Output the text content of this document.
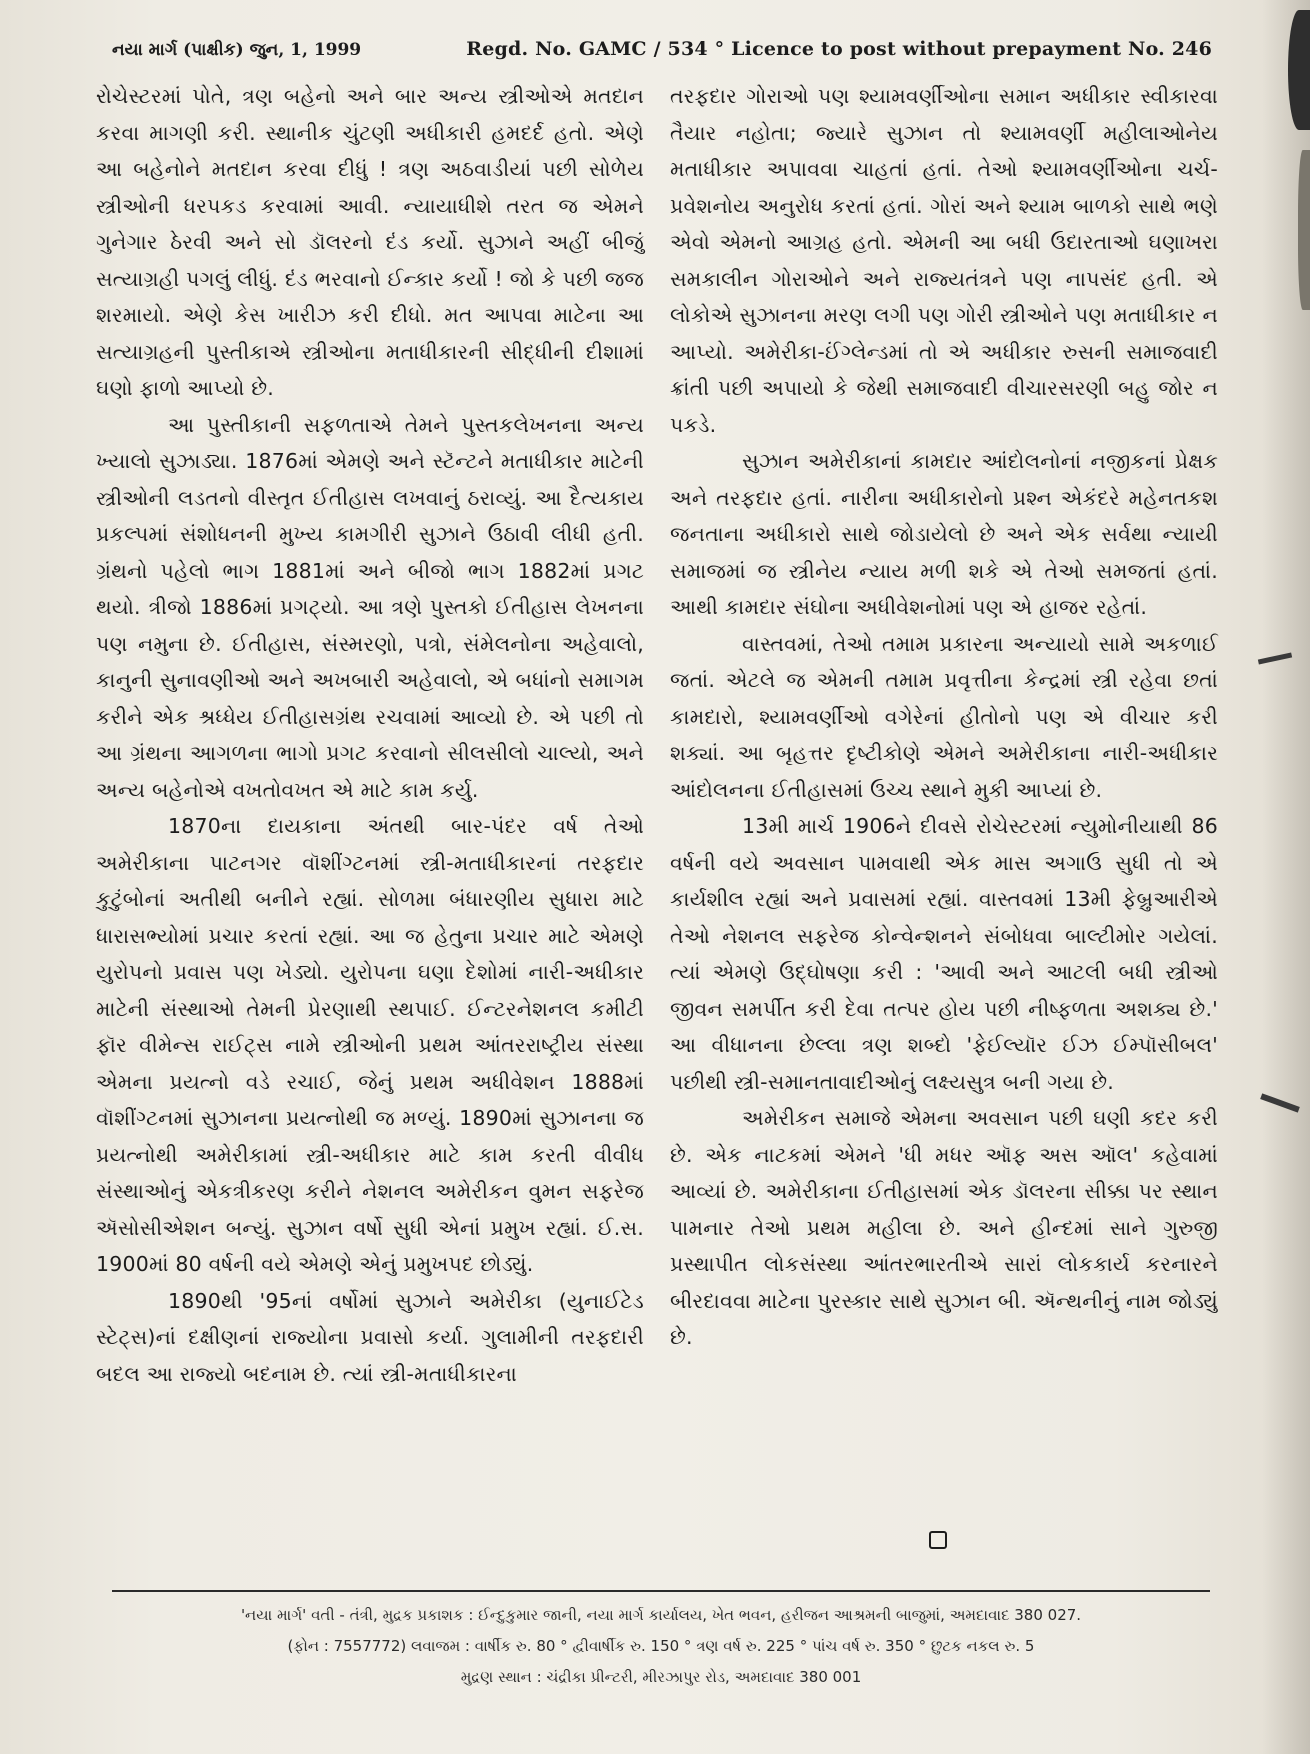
નયા માર્ગ (પાક્ષીક) જુન, 1, 1999	Regd. No. GAMC / 534 ° Licence to post without prepayment No. 246

રોચેસ્ટરમાં પોતે, ત્રણ બહેનો અને બાર અન્ય સ્ત્રીઓએ મતદાન કરવા માગણી કરી. સ્થાનીક ચુંટણી અધીકારી હમદર્દ હતો. એણે આ બહેનોને મતદાન કરવા દીધું ! ત્રણ અઠવાડીયાં પછી સોળેય સ્ત્રીઓની ધરપકડ કરવામાં આવી. ન્યાયાધીશે તરત જ એમને ગુનેગાર ઠેરવી અને સો ડૉલરનો દંડ કર્યો. સુઝાને અહીં બીજું સત્યાગ્રહી પગલું લીધું. દંડ ભરવાનો ઈન્કાર કર્યો ! જો કે પછી જજ શરમાયો. એણે કેસ ખારીઝ કરી દીધો. મત આપવા માટેના આ સત્યાગ્રહની પુસ્તીકાએ સ્ત્રીઓના મતાધીકારની સીદ્ધીની દીશામાં ઘણો ફાળો આપ્યો છે.

આ પુસ્તીકાની સફળતાએ તેમને પુસ્તકલેખનના અન્ય ખ્યાલો સુઝાડ્યા. 1876માં એમણે અને સ્ટૅન્ટને મતાધીકાર માટેની સ્ત્રીઓની લડતનો વીસ્તૃત ઈતીહાસ લખવાનું ઠરાવ્યું. આ દૈત્યકાય પ્રકલ્પમાં સંશોધનની મુખ્ય કામગીરી સુઝાને ઉઠાવી લીધી હતી. ગ્રંથનો પહેલો ભાગ 1881માં અને બીજો ભાગ 1882માં પ્રગટ થયો. ત્રીજો 1886માં પ્રગટ્યો. આ ત્રણે પુસ્તકો ઈતીહાસ લેખનના પણ નમુના છે. ઈતીહાસ, સંસ્મરણો, પત્રો, સંમેલનોના અહેવાલો, કાનુની સુનાવણીઓ અને અખબારી અહેવાલો, એ બધાંનો સમાગમ કરીને એક શ્રધ્ધેય ઈતીહાસગ્રંથ રચવામાં આવ્યો છે. એ પછી તો આ ગ્રંથના આગળના ભાગો પ્રગટ કરવાનો સીલસીલો ચાલ્યો, અને અન્ય બહેનોએ વખતોવખત એ માટે કામ કર્યુ.

1870ના દાયકાના અંતથી બાર-પંદર વર્ષ તેઓ અમેરીકાના પાટનગર વૉશીંગ્ટનમાં સ્ત્રી-મતાધીકારનાં તરફદાર કુટુંબોનાં અતીથી બનીને રહ્યાં. સોળમા બંધારણીય સુધારા માટે ધારાસભ્યોમાં પ્રચાર કરતાં રહ્યાં. આ જ હેતુના પ્રચાર માટે એમણે યુરોપનો પ્રવાસ પણ ખેડ્યો. યુરોપના ઘણા દેશોમાં નારી-અધીકાર માટેની સંસ્થાઓ તેમની પ્રેરણાથી સ્થપાઈ. ઈન્ટરનેશનલ કમીટી ફૉર વીમેન્સ રાઈટ્સ નામે સ્ત્રીઓની પ્રથમ આંતરરાષ્ટ્રીય સંસ્થા એમના પ્રયત્નો વડે રચાઈ, જેનું પ્રથમ અધીવેશન 1888માં વૉશીંગ્ટનમાં સુઝાનના પ્રયત્નોથી જ મળ્યું. 1890માં સુઝાનના જ પ્રયત્નોથી અમેરીકામાં સ્ત્રી-અધીકાર માટે કામ કરતી વીવીધ સંસ્થાઓનું એકત્રીકરણ કરીને નેશનલ અમેરીકન વુમન સફરેજ ઍસોસીએશન બન્યું. સુઝાન વર્ષો સુધી એનાં પ્રમુખ રહ્યાં. ઈ.સ. 1900માં 80 વર્ષની વયે એમણે એનું પ્રમુખપદ છોડ્યું.

1890થી '95નાં વર્ષોમાં સુઝાને અમેરીકા (યુનાઈટેડ સ્ટેટ્સ)નાં દક્ષીણનાં રાજ્યોના પ્રવાસો કર્યા. ગુલામીની તરફદારી બદલ આ રાજ્યો બદનામ છે. ત્યાં સ્ત્રી-મતાધીકારના

તરફદાર ગોરાઓ પણ શ્યામવર્ણીઓના સમાન અધીકાર સ્વીકારવા તૈયાર નહોતા; જ્યારે સુઝાન તો શ્યામવર્ણી મહીલાઓનેય મતાધીકાર અપાવવા ચાહતાં હતાં. તેઓ શ્યામવર્ણીઓના ચર્ચ-પ્રવેશનોય અનુરોધ કરતાં હતાં. ગોરાં અને શ્યામ બાળકો સાથે ભણે એવો એમનો આગ્રહ હતો. એમની આ બધી ઉદારતાઓ ઘણાખરા સમકાલીન ગોરાઓને અને રાજ્યતંત્રને પણ નાપસંદ હતી. એ લોકોએ સુઝાનના મરણ લગી પણ ગોરી સ્ત્રીઓને પણ મતાધીકાર ન આપ્યો. અમેરીકા-ઈંગ્લેન્ડમાં તો એ અધીકાર રુસની સમાજવાદી ક્રાંતી પછી અપાયો કે જેથી સમાજવાદી વીચારસરણી બહુ જોર ન પકડે.

સુઝાન અમેરીકાનાં કામદાર આંદોલનોનાં નજીકનાં પ્રેક્ષક અને તરફદાર હતાં. નારીના અધીકારોનો પ્રશ્ન એકંદરે મહેનતકશ જનતાના અધીકારો સાથે જોડાયેલો છે અને એક સર્વથા ન્યાયી સમાજમાં જ સ્ત્રીનેય ન્યાય મળી શકે એ તેઓ સમજતાં હતાં. આથી કામદાર સંઘોના અધીવેશનોમાં પણ એ હાજર રહેતાં.

વાસ્તવમાં, તેઓ તમામ પ્રકારના અન્યાયો સામે અકળાઈ જતાં. એટલે જ એમની તમામ પ્રવૃત્તીના કેન્દ્રમાં સ્ત્રી રહેવા છતાં કામદારો, શ્યામવર્ણીઓ વગેરેનાં હીતોનો પણ એ વીચાર કરી શક્યાં. આ બૃહત્તર દૃષ્ટીકોણે એમને અમેરીકાના નારી-અધીકાર આંદોલનના ઈતીહાસમાં ઉચ્ચ સ્થાને મુકી આપ્યાં છે.

13મી માર્ચ 1906ને દીવસે રોચેસ્ટરમાં ન્યુમોનીયાથી 86 વર્ષની વયે અવસાન પામવાથી એક માસ અગાઉ સુધી તો એ કાર્યશીલ રહ્યાં અને પ્રવાસમાં રહ્યાં. વાસ્તવમાં 13મી ફેબ્રુઆરીએ તેઓ નેશનલ સફરેજ કોન્વેન્શનને સંબોધવા બાલ્ટીમોર ગયેલાં. ત્યાં એમણે ઉદ્ઘોષણા કરી : 'આવી અને આટલી બધી સ્ત્રીઓ જીવન સમર્પીત કરી દેવા તત્પર હોય પછી નીષ્ફળતા અશક્ય છે.' આ વીધાનના છેલ્લા ત્રણ શબ્દો 'ફેઈલ્યૉર ઈઝ ઈમ્પૉસીબલ' પછીથી સ્ત્રી-સમાનતાવાદીઓનું લક્ષ્યસુત્ર બની ગયા છે.

અમેરીકન સમાજે એમના અવસાન પછી ઘણી કદર કરી છે. એક નાટકમાં એમને 'ધી મધર ઑફ અસ ઑલ' કહેવામાં આવ્યાં છે. અમેરીકાના ઈતીહાસમાં એક ડૉલરના સીક્કા પર સ્થાન પામનાર તેઓ પ્રથમ મહીલા છે. અને હીન્દમાં સાને ગુરુજી પ્રસ્થાપીત લોકસંસ્થા આંતરભારતીએ સારાં લોકકાર્ય કરનારને બીરદાવવા માટેના પુરસ્કાર સાથે સુઝાન બી. ઍન્થનીનું નામ જોડ્યું છે.

'નયા માર્ગ' વતી - તંત્રી, મુદ્રક પ્રકાશક : ઈન્દુકુમાર જાની, નયા માર્ગ કાર્યાલય, ખેત ભવન, હરીજન આશ્રમની બાજુમાં, અમદાવાદ 380 027.
(ફોન : 7557772) લવાજમ : વાર્ષીક રુ. 80 ° દ્વીવાર્ષીક રુ. 150 ° ત્રણ વર્ષ રુ. 225 ° પાંચ વર્ષ રુ. 350 ° છુટક નકલ રુ. 5
મુદ્રણ સ્થાન : ચંદ્રીકા પ્રીન્ટરી, મીરઝાપુર રોડ, અમદાવાદ 380 001
